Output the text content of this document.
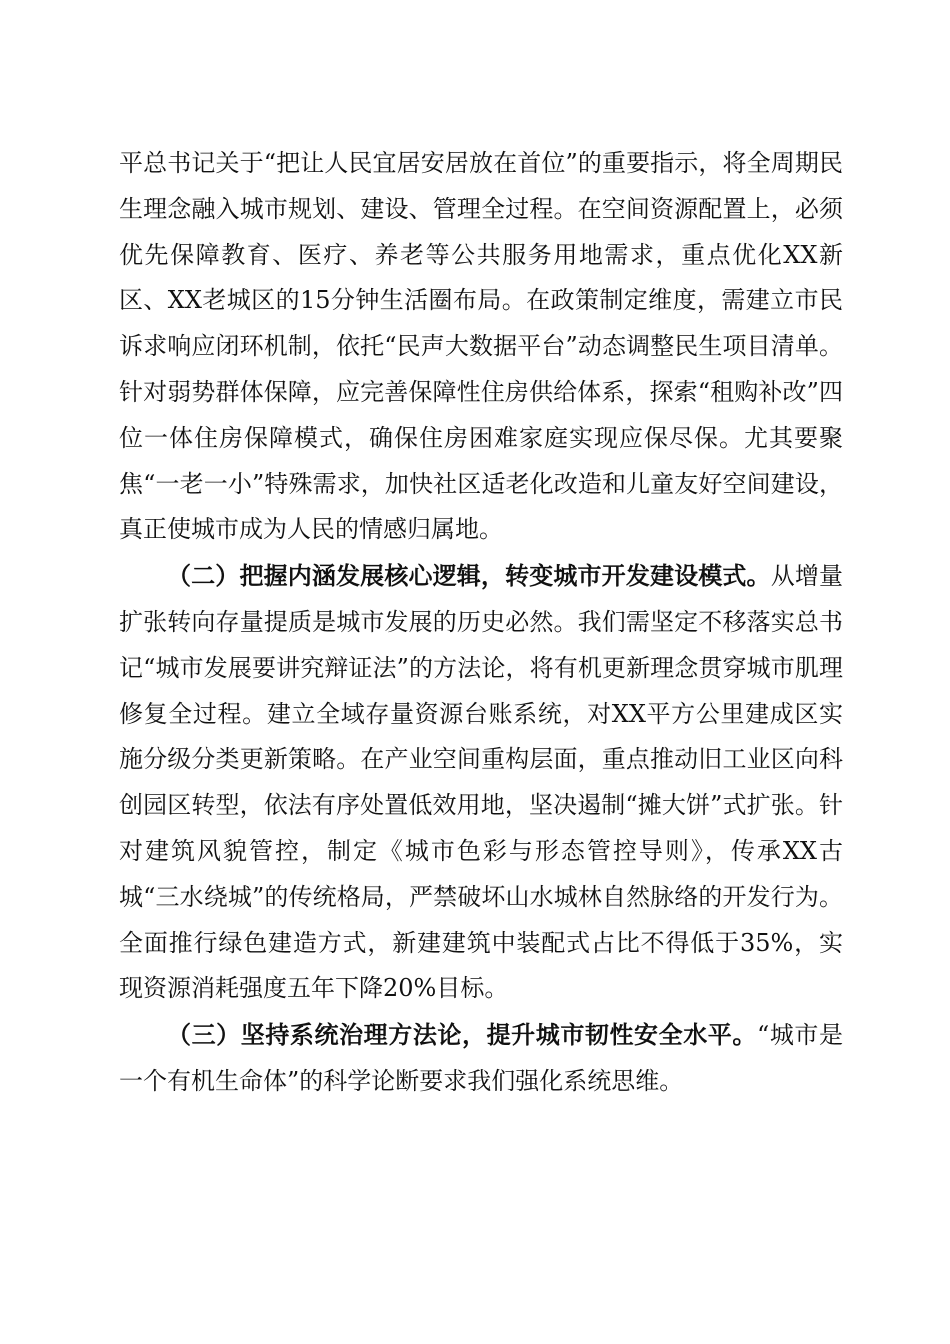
平总书记关于“把让人民宜居安居放在首位”的重要指示，将全周期民生理念融入城市规划、建设、管理全过程。在空间资源配置上，必须优先保障教育、医疗、养老等公共服务用地需求，重点优化XX新区、XX老城区的15分钟生活圈布局。在政策制定维度，需建立市民诉求响应闭环机制，依托“民声大数据平台”动态调整民生项目清单。针对弱势群体保障，应完善保障性住房供给体系，探索“租购补改”四位一体住房保障模式，确保住房困难家庭实现应保尽保。尤其要聚焦“一老一小”特殊需求，加快社区适老化改造和儿童友好空间建设，真正使城市成为人民的情感归属地。

（二）把握内涵发展核心逻辑，转变城市开发建设模式。从增量扩张转向存量提质是城市发展的历史必然。我们需坚定不移落实总书记“城市发展要讲究辩证法”的方法论，将有机更新理念贯穿城市肌理修复全过程。建立全域存量资源台账系统，对XX平方公里建成区实施分级分类更新策略。在产业空间重构层面，重点推动旧工业区向科创园区转型，依法有序处置低效用地，坚决遏制“摊大饼”式扩张。针对建筑风貌管控，制定《城市色彩与形态管控导则》，传承XX古城“三水绕城”的传统格局，严禁破坏山水城林自然脉络的开发行为。全面推行绿色建造方式，新建建筑中装配式占比不得低于35%，实现资源消耗强度五年下降20%目标。

（三）坚持系统治理方法论，提升城市韧性安全水平。“城市是一个有机生命体”的科学论断要求我们强化系统思维。
